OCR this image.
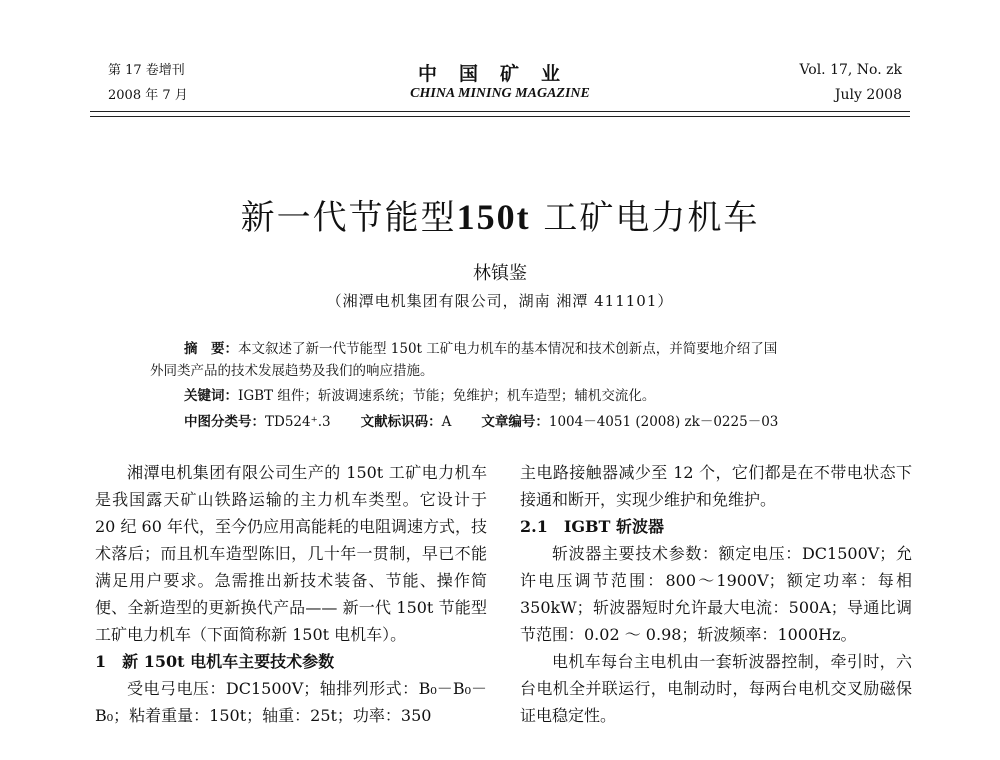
第 17 卷增刊
2008 年 7 月
中国矿业
CHINA MINING MAGAZINE
Vol. 17, No. zk
July 2008
新一代节能型150t 工矿电力机车
林镇鉴
（湘潭电机集团有限公司，湖南 湘潭 411101）
摘　要：本文叙述了新一代节能型 150t 工矿电力机车的基本情况和技术创新点，并简要地介绍了国
外同类产品的技术发展趋势及我们的响应措施。
关键词：IGBT 组件；斩波调速系统；节能；免维护；机车造型；辅机交流化。
中图分类号：TD524⁺.3 文献标识码：A 文章编号：1004－4051 (2008) zk－0225－03

湘潭电机集团有限公司生产的 150t 工矿电力机车是我国露天矿山铁路运输的主力机车类型。它设计于 20 纪 60 年代，至今仍应用高能耗的电阻调速方式，技术落后；而且机车造型陈旧，几十年一贯制，早已不能满足用户要求。急需推出新技术装备、节能、操作简便、全新造型的更新换代产品—— 新一代 150t 节能型工矿电力机车（下面简称新 150t 电机车）。

1　新 150t 电机车主要技术参数

受电弓电压：DC1500V；轴排列形式：B₀－B₀－B₀；粘着重量：150t；轴重：25t；功率：350

主电路接触器减少至 12 个，它们都是在不带电状态下接通和断开，实现少维护和免维护。

2.1　IGBT 斩波器

斩波器主要技术参数：额定电压：DC1500V；允许电压调节范围：800～1900V；额定功率：每相 350kW；斩波器短时允许最大电流：500A；导通比调节范围：0.02 ～ 0.98；斩波频率：1000Hz。

电机车每台主电机由一套斩波器控制，牵引时，六台电机全并联运行，电制动时，每两台电机交叉励磁保证电稳定性。
